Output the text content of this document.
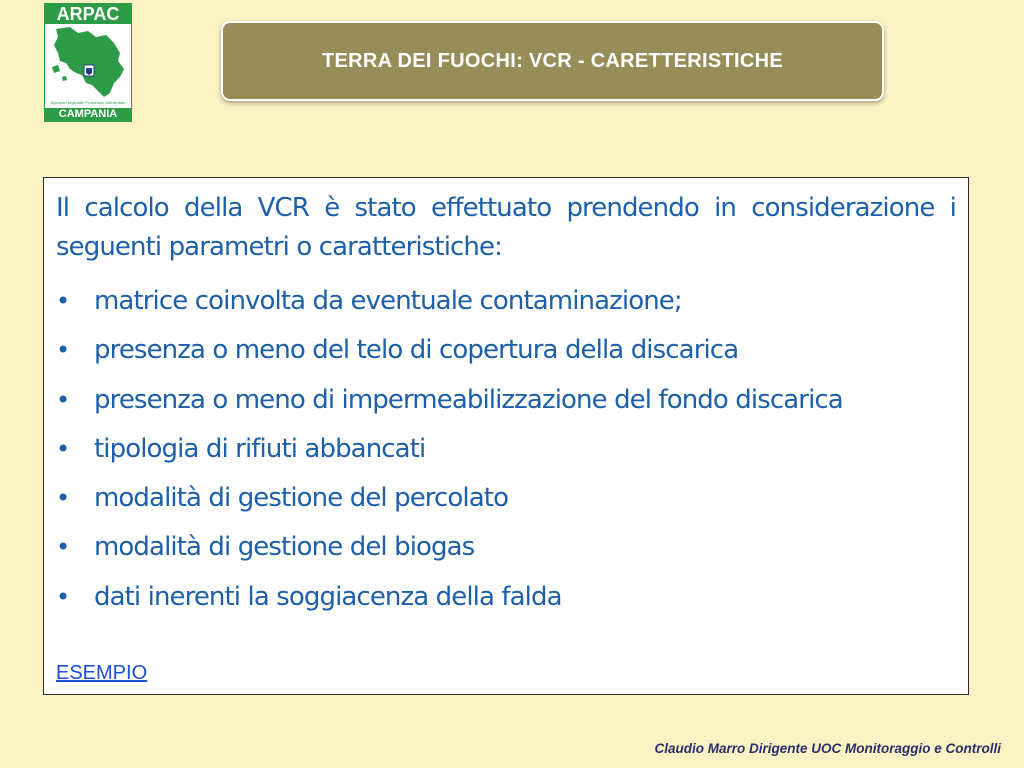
ARPAC
Agenzia Regionale Protezione Ambientale
CAMPANIA
TERRA DEI FUOCHI: VCR - CARETTERISTICHE

Il calcolo della VCR è stato effettuato prendendo in considerazione i seguenti parametri o caratteristiche:

• matrice coinvolta da eventuale contaminazione;
• presenza o meno del telo di copertura della discarica
• presenza o meno di impermeabilizzazione del fondo discarica
• tipologia di rifiuti abbancati
• modalità di gestione del percolato
• modalità di gestione del biogas
• dati inerenti la soggiacenza della falda
ESEMPIO
Claudio Marro Dirigente UOC Monitoraggio e Controlli
